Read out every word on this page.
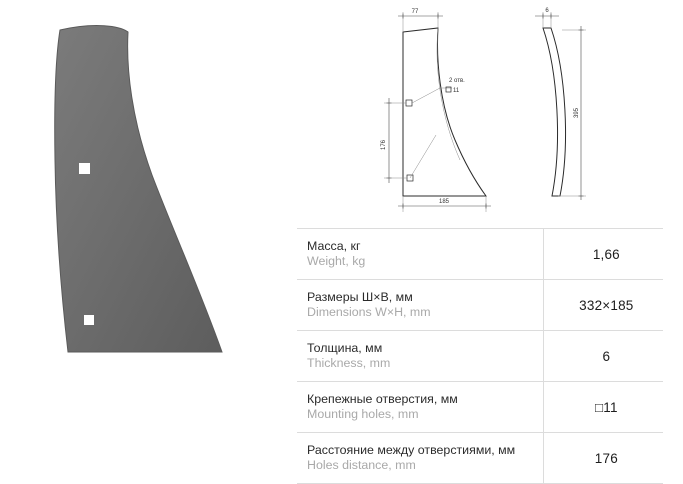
2 отв.
11
77
185
176
6
395
Масса, кг
Weight, kg	1,66

Размеры Ш×В, мм
Dimensions W×H, mm	332×185

Толщина, мм
Thickness, mm	6

Крепежные отверстия, мм
Mounting holes, mm	□11

Расстояние между отверстиями, мм
Holes distance, mm	176
